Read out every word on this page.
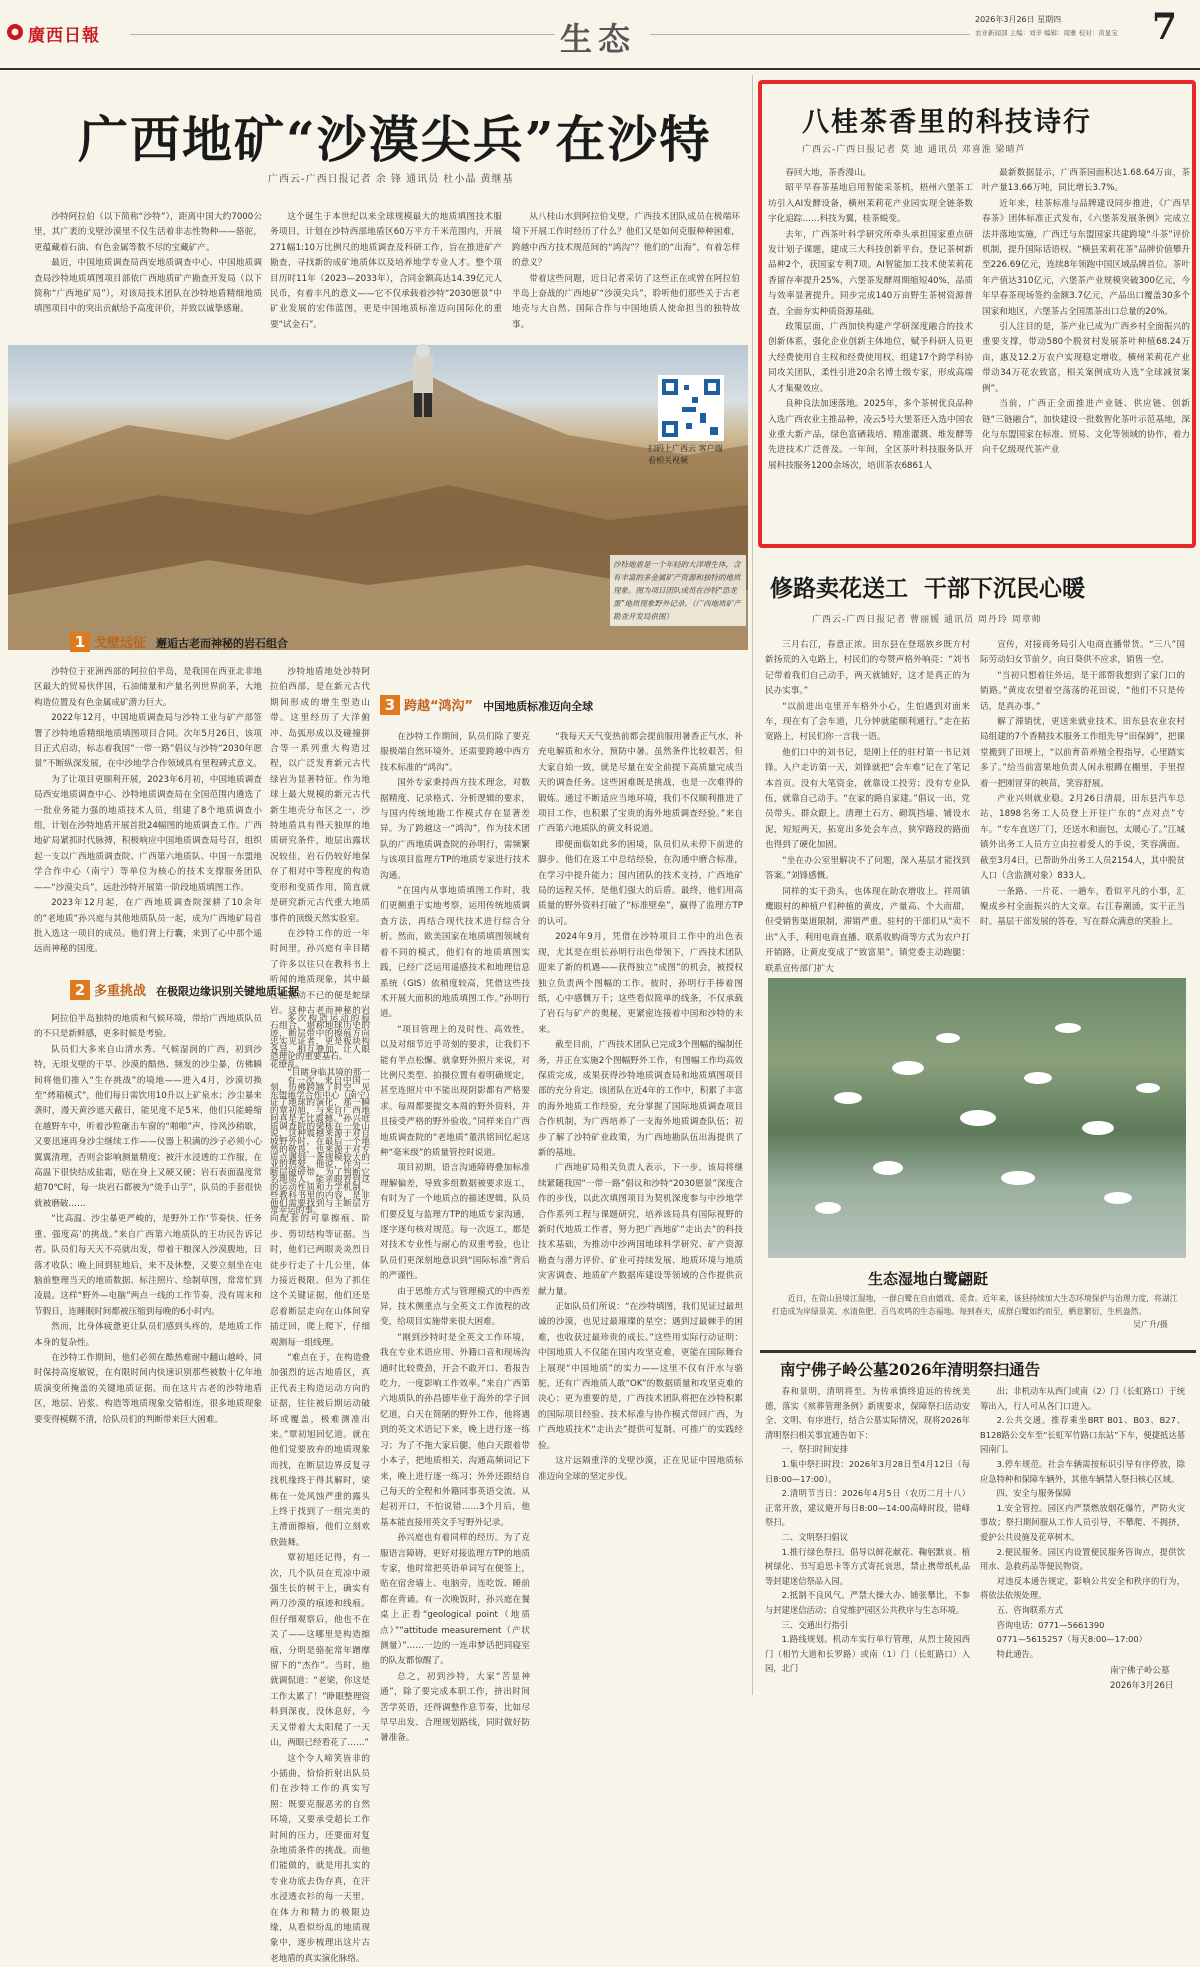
廣西日報	生态
2026年3月26日 星期四
农业新闻部 主编：刘辛 编辑：周雅 校对：黄显宝 7
广西地矿“沙漠尖兵”在沙特
广西云-广西日报记者 余 锋 通讯员 杜小晶 黄继基

沙特阿拉伯（以下简称“沙特”），距离中国大约7000公里，其广袤的戈壁沙漠里不仅生活着非志性物种——骆驼，更蕴藏着石油、有色金属等数不尽的宝藏矿产。

最近，中国地质调查局西安地质调查中心、中国地质调查局沙特地质填图项目部依广西地质矿产勘查开发局（以下简称“广西地矿局”），对该局技术团队在沙特地盾精细地质填图项目中的突出贡献给予高度评价，并致以诚挚感谢。

这个诞生于本世纪以来全球规模最大的地质填图技术服务项目，计划在沙特西部地盾区60万平方千米范围内，开展271幅1:10万比例尺的地质调查及科研工作，旨在推进矿产勘查，寻找新的成矿地质体以及培养地学专业人才。整个项目历时11年（2023—2033年），合同金额高达14.39亿元人民币，有着丰凡的意义——它不仅承载着沙特“2030愿景”中矿业发展的宏伟蓝图，更是中国地质标准迈向国际化的重要“试金石”。

从八桂山水到阿拉伯戈壁，广西技术团队成员在极端环境下开展工作时经历了什么？他们又是如何克服种种困难，跨越中西方技术规范间的“鸿沟”？他们的“出海”，有着怎样的意义？

带着这些问题，近日记者采访了这些正在或曾在阿拉伯半岛上奋战的广西地矿“沙漠尖兵”，聆听他们那些关于古老地壳与大自然、国际合作与中国地质人使命担当的独特故事。

扫码上广西云 客户端看相关视频
沙特地盾是一个年轻的大洋增生体，含有丰富的多金属矿产资源和独特的地质现象。图为项目团队成员在沙特“恐龙蛋”地质现象野外记录。（广西地质矿产勘查开发局供图）
1 戈壁远征 邂逅古老而神秘的岩石组合

沙特位于亚洲西部的阿拉伯半岛，是我国在西亚北非地区最大的贸易伙伴国，石油储量和产量名列世界前茅，大地构造位置及有色金属成矿潜力巨大。

2022年12月，中国地质调查局与沙特工业与矿产部签署了沙特地盾精细地质填图项目合同。次年5月26日，该项目正式启动，标志着我国“一带一路”倡议与沙特“2030年愿景”不断纵深发展，在中沙地学合作领域具有里程碑式意义。

为了让项目更顺利开展，2023年6月初，中国地质调查局西安地质调查中心、沙特地质调查局在全国范围内遴选了一批业务能力强的地质技术人员，组建了8个地质调查小组，计划在沙特地盾开展首批24幅图的地质调查工作。广西地矿局紧抓时代脉搏，积极响应中国地质调查局号召，组织起一支以广西地质调查院、广西第六地质队、中国一东盟地学合作中心（南宁）等单位为核心的技术支撑服务团队——“沙漠尖兵”，远赴沙特开展第一阶段地质填图工作。

2023年12月起，在广西地质调查院深耕了10余年的“老地质”孙兴庭与其他地质队员一起，成为广西地矿局首批入选这一项目的成员。他们背上行囊，来到了心中那个遥远而神秘的国度。

沙特地盾地处沙特阿拉伯西部，是在新元古代期间形成的增生型造山带。这里经历了大洋俯冲、岛弧形成以及碰撞拼合等一系列重大构造过程，以广泛发育新元古代绿岩为显著特征。作为地球上最大规模的新元古代新生地壳分布区之一，沙特地盾具有得天独厚的地质研究条件，地层出露状况较佳，岩石仍较好地保存了相对中等程度的构造变形和变质作用，简直就是研究新元古代重大地质事件的顶级天然实验室。

在沙特工作的近一年时间里，孙兴庭有幸目睹了许多以往只在教科书上听闻的地质现象，其中最让他激动不已的便是蛇绿岩。这种古老而神秘的岩石组合，堪称地球历史的忠实见证者，更是板块构造理论的重要基石。

“目睹身临其境的那一刻，仿佛跨越了时空，见证了地球的演化，那一瞬间真是无比震撼。”孙兴庭说，这种震撼来源于对自然的敬畏，也来源于对专业的热爱。他说，作为一名地质人，能亲眼看到这些教科书里的内容，是非常幸运的事。

2 多重挑战 在极限边缘识别关键地质证据

阿拉伯半岛独特的地质和气候环境，带给广西地质队员的不只是新鲜感，更多时候是考验。

队员们大多来自山清水秀、气候湿润的广西，初到沙特，无垠戈壁的干旱、沙漠的酷热、频发的沙尘暴，仿佛瞬间将他们推入“生存挑战”的境地——进入4月，沙漠切换至“烤箱模式”，他们每日需饮用10升以上矿泉水；沙尘暴来袭时，漫天黄沙遮天蔽日，能见度不足5米，他们只能蜷缩在越野车中，听着沙粒砸击车窗的“啪啪”声，待风沙稍歇，又要迅速再身沙尘继续工作——仪器上积满的沙子必须小心翼翼清理，否则会影响测量精度；被汗水浸透的工作服，在高温下很快结成盐霜，贴在身上又硬又硬；岩石表面温度常超70℃时，每一块岩石都被为“烫手山芋”，队员的手套很快就被磨破……

“比高温、沙尘暴更严峻的，是野外工作‘节奏快、任务重、强度高’的挑战。”来自广西第六地质队的王功民告诉记者。队员们每天天不亮就出发，带着干粮深入沙漠腹地，日落才收队；晚上回到驻地后，来不及休整，又要立刻坐在电脑前整理当天的地质数据、标注照片、绘制草图，常常忙到凌晨。这样“野外—电脑”两点一线的工作节奏，没有周末和节假日，连睡眠时间都被压缩到每晚的6小时内。

然而，比身体疲惫更让队员们感到头疼的，是地质工作本身的复杂性。

在沙特工作期间，他们必须在酷热难耐中翻山越岭，同时保持高度敏锐，在有限时间内快速识别那些被数十亿年地质演变所掩盖的关键地质证据。而在这片古老的沙特地盾区，地层、岩浆、构造等地质现象交错相连，很多地质现象要变得模糊不清，给队员们的判断带来巨大困难。

多次构造运动的痕迹，断层带中的擦痕方向各异、相互叠加，让人眼花缭乱。

有一次，来自中国一东盟地学合作中心（南宁）的覃初旭，与来自广西地质调查院的梁栋在一处山坡野外时，在最后一个地质点遇到一条规模较大的断层破碎带。为了判断它的运动性质和力学机制，他们需要找到与主断层方向配套的可靠擦痕、阶步、剪切结构等证据。当时，他们已两眼炎炎烈日徒步行走了十几公里，体力接近极限。但为了抓住这个关键证据，他们还是忍着断层走向在山体间穿插迂回，爬上爬下，仔细观测每一组线理。

“难点在于，在构造叠加强烈的远古地盾区，真正代表主构造运动方向的证据，往往被后期运动破坏或覆盖，极难测准出来。”覃初旭回忆道。就在他们觉要放弃的地质现象而找，在断层边界反复寻找机缘终于得其解时，梁栋在一处风蚀严重的露头上终于找到了一组完美的主滑面擦痕，他们立刻欢欣鼓舞。

覃初旭还记得，有一次，几个队员在荒凉中顽强生长的树干上，确实有两刀沙漠的痕迹和线痕。但仔细观察后，他也不在关了——这哪里是构造擦痕，分明是骆驼常年蹭摩留下的“杰作”。当时，他就调侃道：“老梁，你这是工作太累了！”睁眼整理资料到深夜，没休息好，今天又带着大太阳爬了一天山，两眼已经看花了……”

这个令人啼笑皆非的小插曲，恰恰折射出队员们在沙特工作的真实写照：既要克服恶劣的自然环境，又要承受超长工作时间的压力，还要面对复杂地质条件的挑战。而他们能做的，就是用扎实的专业功底去伪存真，在汗水浸透衣衫的每一天里，在体力和精力的极限边缘，从看似纷乱的地质现象中，逐步梳理出这片古老地盾的真实演化脉络。

3 跨越“鸿沟” 中国地质标准迈向全球

在沙特工作期间，队员们除了要克服极端自然环境外，还需要跨越中西方技术标准的“鸿沟”。

国外专家秉持西方技术理念，对数据精度、记录格式、分析逻辑的要求，与国内传统地勘工作模式存在显著差异。为了跨越这一“鸿沟”，作为技术团队的广西地质调查院的孙明行，需频繁与该项目监理方TP的地质专家进行技术沟通。

“在国内从事地质填图工作时，我们更侧重于实地考察，运用传统地质调查方法，再结合现代技术进行综合分析。然而，欧美国家在地质填图领域有着不同的模式，他们有的地质填图实践，已经广泛运用遥感技术和地理信息系统（GIS）依稍度较高，凭借这些技术开展大面积的地质填图工作。”孙明行道。

“项目管理上的及时性、高效性，以及对细节近乎苛刻的要求，让我们不能有半点松懈。就拿野外照片来说，对比例尺类型、拍摄位置有着明确规定，甚至连照片中不能出现阴影都有严格要求。每周都要提交本周的野外资料，并且接受严格的野外验收。”同样来自广西地质调查院的“老地质”董洪铭回忆起这种“毫米级”的质量管控时说道。

项目初期，语言沟通障碍叠加标准理解偏差，导致多组数据被要求返工，有时为了一个地质点的描述逻辑，队员们要反复与监理方TP的地质专家沟通，逐字逐句核对规范。每一次返工，都是对技术专业性与耐心的双重考验，也让队员们更深刻地意识到“国际标准”背后的严谨性。

由于思维方式与管理模式的中西差异，技术侧重点与全英文工作流程的改变，给项目实施带来很大困难。

“刚到沙特时是全英文工作环境，我在专业术语应用、外籍口音和现场沟通时比较费劲，开会不敢开口、看报告吃力，一度影响工作效率。”来自广西第六地质队的孙昌德毕业于海外的学子回忆道，白天在简陋的野外工作，他将遇到的英文术语记下来，晚上进行逐一练习；为了不拖大家后腿，他白天跟着带小本子，把地质相关、沟通高频词记下来，晚上进行逐一练习；外外还跟结自己每天的全程和外籍同事英语交流。从起初开口，不怕说错……3个月后，他基本能直接用英文手写野外记录。

孙兴庭也有着同样的经历。为了克服语言障碍，更好对接监理方TP的地质专家，他时常把英语单词写在便签上，贴在宿舍墙上、电脑旁，连吃饭、睡前都在背诵。有一次晚饭时，孙兴庭在餐桌上正看“geological point（地质点）”“attitude measurement（产状测量）”……一边的一连串梦话把同寝室的队友都惊醒了。

总之，初到沙特，大家“苦显神通”，除了要完成本职工作，挤出时间苦学英语，还得调整作息节奏，比如尽早早出发、合理规划路线，同时做好防暑准备。

八桂茶香里的科技诗行
广西云-广西日报记者 莫 迪 通讯员 邓喜淮 梁晴芦

春回大地，茶香漫山。

昭平早春茶基地启用智能采茶机，梧州六堡茶工坊引入AI发酵设备，横州茉莉花产业园实现全链条数字化追踪……科技为翼，桂茶蜕变。

去年，广西茶叶科学研究所牵头承担国家重点研发计划子课题，建成三大科技创新平台，登记茶树新品种2个，获国家专利7项。AI智能加工技术使茉莉花香留存率提升25%，六堡茶发酵周期缩短40%，品质与效率显著提升。同步完成140万亩野生茶树资源普查，全面夯实种质资源基础。

政策层面，广西加快构建产学研深度融合的技术创新体系，强化企业创新主体地位，赋予科研人员更大经费使用自主权和经费使用权，组建17个跨学科协同攻关团队，柔性引进20余名博士级专家，形成高端人才集聚效应。

良种良法加速落地。2025年，多个茶树优良品种入选广西农业主推品种，凌云5号大堡茶还入选中国农业重大新产品，绿色富硒栽培、精准灌溉、堆发酵等先进技术广泛普及。一年间，全区茶叶科技服务队开展科技服务1200余场次，培训茶农6861人

最新数据显示，广西茶园面积达1.68.64万亩，茶叶产量13.66万吨，同比增长3.7%。

近年来，桂茶标准与品牌建设同步推进，《广西早春茶》团体标准正式发布，《六堡茶发展条例》完成立法并落地实施，广西迁与东盟国家共建跨境“斗茶”评价机制，提升国际话语权。“横县茉莉花茶”品牌价值攀升至226.69亿元，连续8年领跑中国区域品牌首位。茶叶年产值达310亿元，六堡茶产业规模突破300亿元，今年早春茶现场签约金额3.7亿元，产品出口覆盖30多个国家和地区，六堡茶占全国黑茶出口总量的20%。

引人注目的是，茶产业已成为广西乡村全面振兴的重要支撑，带动580个脱贫村发展茶叶种植68.24万亩，惠及12.2万农户实现稳定增收，横州茉莉花产业带动34万花农致富，相关案例成功入选“全球减贫案例”。

当前，广西正全面推进产业链、供应链、创新链“三链融合”，加快建设一批数智化茶叶示范基地，深化与东盟国家在标准、贸易、文化等领域的协作，着力向千亿级现代茶产业

修路卖花送工  干部下沉民心暖
广西云-广西日报记者 曹丽媛 通讯员 周丹玲 周章师

三月右江，春意正浓。田东县在登瑶族乡既方村新扬荒的入屯路上，村民们的夸赞声格外响亮：“刘书记带着我们自己动手，两天就铺好，这才是真正的为民办实事。”

“以前进出屯里开车格外小心，生怕遇到对面来车，现在有了会车道，几分钟就能顺利通行。”走在拓宽路上，村民们你一言我一语。

他们口中的刘书记，是刚上任的驻村第一书记刘锋。入户走访第一天，刘锋就把“会车难”记在了笔记本首页。没有大笔资金，就靠设工投劳；没有专业队伍，就靠自己动手。“在家的路自家建。”倡议一出，党员带头、群众跟上。清理土石方、砌筑挡墙、铺设水泥，短短两天，拓宽出多处会车点，狭窄路段的路面也得到了硬化加固。

“坐在办公室里解决不了问题，深入基层才能找到答案。”刘锋感慨。

同样的实干劲头，也体现在助农增收上。祥周镇鹰眼村的种植户们种植的黄皮，产量高、个大而甜，但受销售渠道限制，滞销严重。驻村的干部们从“卖不出”入手，利用电商直播、联系收购商等方式为农户打开销路，让黄皮变成了“致富果”。镇党委主动跑腿：联系宣传部门扩大

宣传，对接商务局引入电商直播带货。“三八”国际劳动妇女节前夕，向日葵供不应求，销售一空。

“当初只想着往外运，是干部帮我想到了家门口的销路。”黄皮农望着空荡荡的花田说，“他们不只是传话，是真办事。”

解了滞销忧，更送来就业技术。田东县农业农村局组建的7个香精技术服务工作组先导“田保姆”，把课堂搬到了田埂上，“以前育苗养殖全程指导，心里踏实多了。”给当前富果地负责人闲永根蹲在棚里，手里捏着一把刚冒芽的秧苗，笑容舒展。

产业兴则就业稳。2月26日清晨，田东县汽车总站，1898名务工人员登上开往广东的“点对点”专车。“专车直送厂门，还送水和面包，太暖心了。”江城镇外出务工人员方立由拉着爱人的手说，笑容满面。截至3月4日，已帮助外出务工人员2154人，其中脱贫人口（含监测对象）833人。

一条路、一片花、一趟车，看似平凡的小事，汇聚成乡村全面振兴的大文章。右江春潮涌，实干正当时。基层干部发展的答卷，写在群众满意的笑脸上。

生态湿地白鹭翩跹
近日，在资山县境江湿地，一群白鹭在自由嬉戏、觅食。近年来，该县持续加大生态环境保护与治理力度，将湖江打造成为岸绿景美、水清鱼肥、百鸟欢鸣的生态福地。每到春天，成群白鹭如约而至，栖息繁衍，生机盎然。
吴广升/摄
南宁佛子岭公墓2026年清明祭扫通告

春和景明，清明将至。为传承慎终追远的传统美德，落实《殡葬管理条例》新规要求，保障祭扫活动安全、文明、有序进行，结合公墓实际情况，现将2026年清明祭扫相关事宜通告如下：

一、祭扫时间安排

1.集中祭扫时段：2026年3月28日至4月12日（每日8:00—17:00）。

2.清明节当日：2026年4月5日（农历二月十八）正常开放，建议避开每日8:00—14:00高峰时段，错峰祭扫。

二、文明祭扫倡议

1.推行绿色祭扫。倡导以鲜花献花、鞠躬默哀、植树绿化、书写追思卡等方式寄托哀思，禁止携带纸札品等封建迷信祭品入园。

2.抵制不良风气。严禁大操大办、铺张攀比，不参与封建迷信活动；自觉维护园区公共秩序与生态环境。

三、交通出行指引

1.路线规划。机动车实行单行管理，从烈士陵园西门（相竹大道和长罗路）或南（1）门（长虹路口）入园，北门

出；非机动车从西门或南（2）门（长虹路口）于统筹出入，行人可从各门口进入。

2.公共交通。推荐乘坐BRT B01、B03、B27、B128路公交车至“长虹军竹路口东站”下车，便捷抵达墓园南门。

3.停车规范。社会车辆需按标识引导有序停放，除应急特种和保障车辆外，其他车辆禁入祭扫核心区域。

四、安全与服务保障

1.安全管控。园区内严禁燃放烟花爆竹，严防火灾事故；祭扫期间服从工作人员引导，不攀爬、不拥挤，爱护公共设施及花草树木。

2.便民服务。园区内设置便民服务咨询点，提供饮用水、急救药品等便民物资。

对违反本通告规定，影响公共安全和秩序的行为，将依法依规处理。

五、咨询联系方式

咨询电话：0771—5661390

0771—5615257（每天8:00—17:00）

特此通告。

南宁佛子岭公墓
2026年3月26日

“我每天天气变热前都会提前服用暑香正气水，补充电解质和水分，预防中暑。虽然条件比较艰苦，但大家自始一致，就是尽量在安全前提下高质量完成当天的调查任务。这些困难既是挑战，也是一次难得的锻炼。通过不断适应当地环境，我们不仅顺利推进了项目工作，也积累了宝贵的海外地质调查经验。”来自广西第六地质队的黄文科说道。

即便面临如此多的困境，队员们从未停下前进的脚步。他们在返工中总结经验，在沟通中磨合标准，在学习中提升能力；国内团队的技术支持，广西地矿局的远程关怀，是他们强大的后盾。最终，他们用高质量的野外资料打破了“标准壁垒”，赢得了监理方TP的认可。

2024年9月，凭借在沙特项目工作中的出色表现，尤其是在组长孙明行出色带领下，广西技术团队迎来了新的机遇——获得独立“成图”的机会，被授权独立负责两个图幅的工作。彼时，孙明行手捧着图纸，心中感慨万千；这些看似简单的线条，不仅承载了岩石与矿产的奥秘，更紧密连接着中国和沙特的未来。

截至目前，广西技术团队已完成3个图幅的编制任务，并正在实施2个图幅野外工作，有图幅工作均高效保质完成，成果获得沙特地质调查局和地质填图项目部的充分肯定。该团队在近4年的工作中，积累了丰富的海外地质工作经验，充分掌握了国际地质调查项目合作机制，为广西培养了一支海外地质调查队伍；初步了解了沙特矿业政策，为广西地勘队伍出海提供了新的基地。

广西地矿局相关负责人表示，下一步，该局将继续紧随我国“一带一路”倡议和沙特“2030愿景”深度合作的步伐，以此次填图项目为契机深度参与中沙地学合作系列工程与课题研究，培养该局具有国际视野的新时代地质工作者，努力把广西地矿“走出去”的科技技术基础，为推动中沙两国地球科学研究、矿产资源勘查与潜力评价、矿业可持续发展、地质环境与地质灾害调查、地质矿产数据库建设等领域的合作提供贡献力量。

正如队员们所说：“在沙特填图，我们见证过最坦诚的沙漠，也见过最璀璨的星空；遇到过最棘手的困难，也收获过最珍贵的成长。”这些用实际行动证明：中国地质人不仅能在国内攻坚克难，更能在国际舞台上展现“中国地质”的实力——这里不仅有汗水与骆驼，还有广西地质人敢“OK”的数据质量和攻坚克难的决心；更为重要的是，广西技术团队将把在沙特积累的国际项目经验、技术标准与协作模式带回广西，为广西地质技术“走出去”提供可复制、可推广的实践经验。

这片远隔重洋的戈壁沙漠，正在见证中国地质标准迈向全球的坚定步伐。
